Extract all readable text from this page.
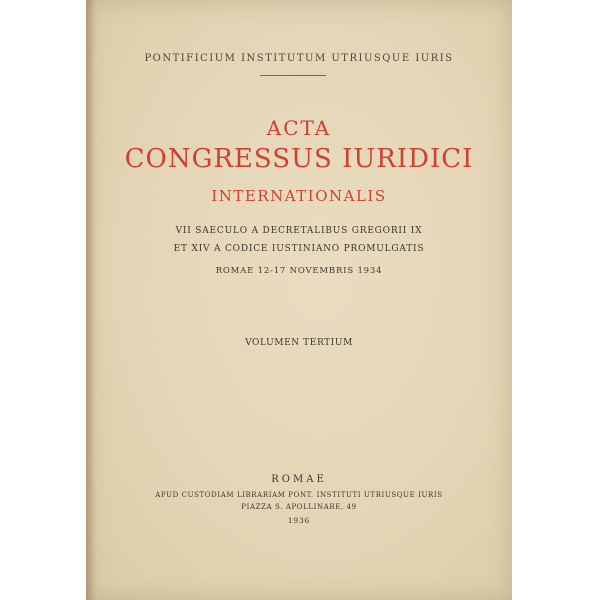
PONTIFICIUM INSTITUTUM UTRIUSQUE IURIS

ACTA

CONGRESSUS IURIDICI

INTERNATIONALIS

VII SAECULO A DECRETALIBUS GREGORII IX

ET XIV A CODICE IUSTINIANO PROMULGATIS

ROMAE 12-17 NOVEMBRIS 1934

VOLUMEN TERTIUM

ROMAE

APUD CUSTODIAM LIBRARIAM PONT. INSTITUTI UTRIUSQUE IURIS

PIAZZA S. APOLLINARE, 49

1936
